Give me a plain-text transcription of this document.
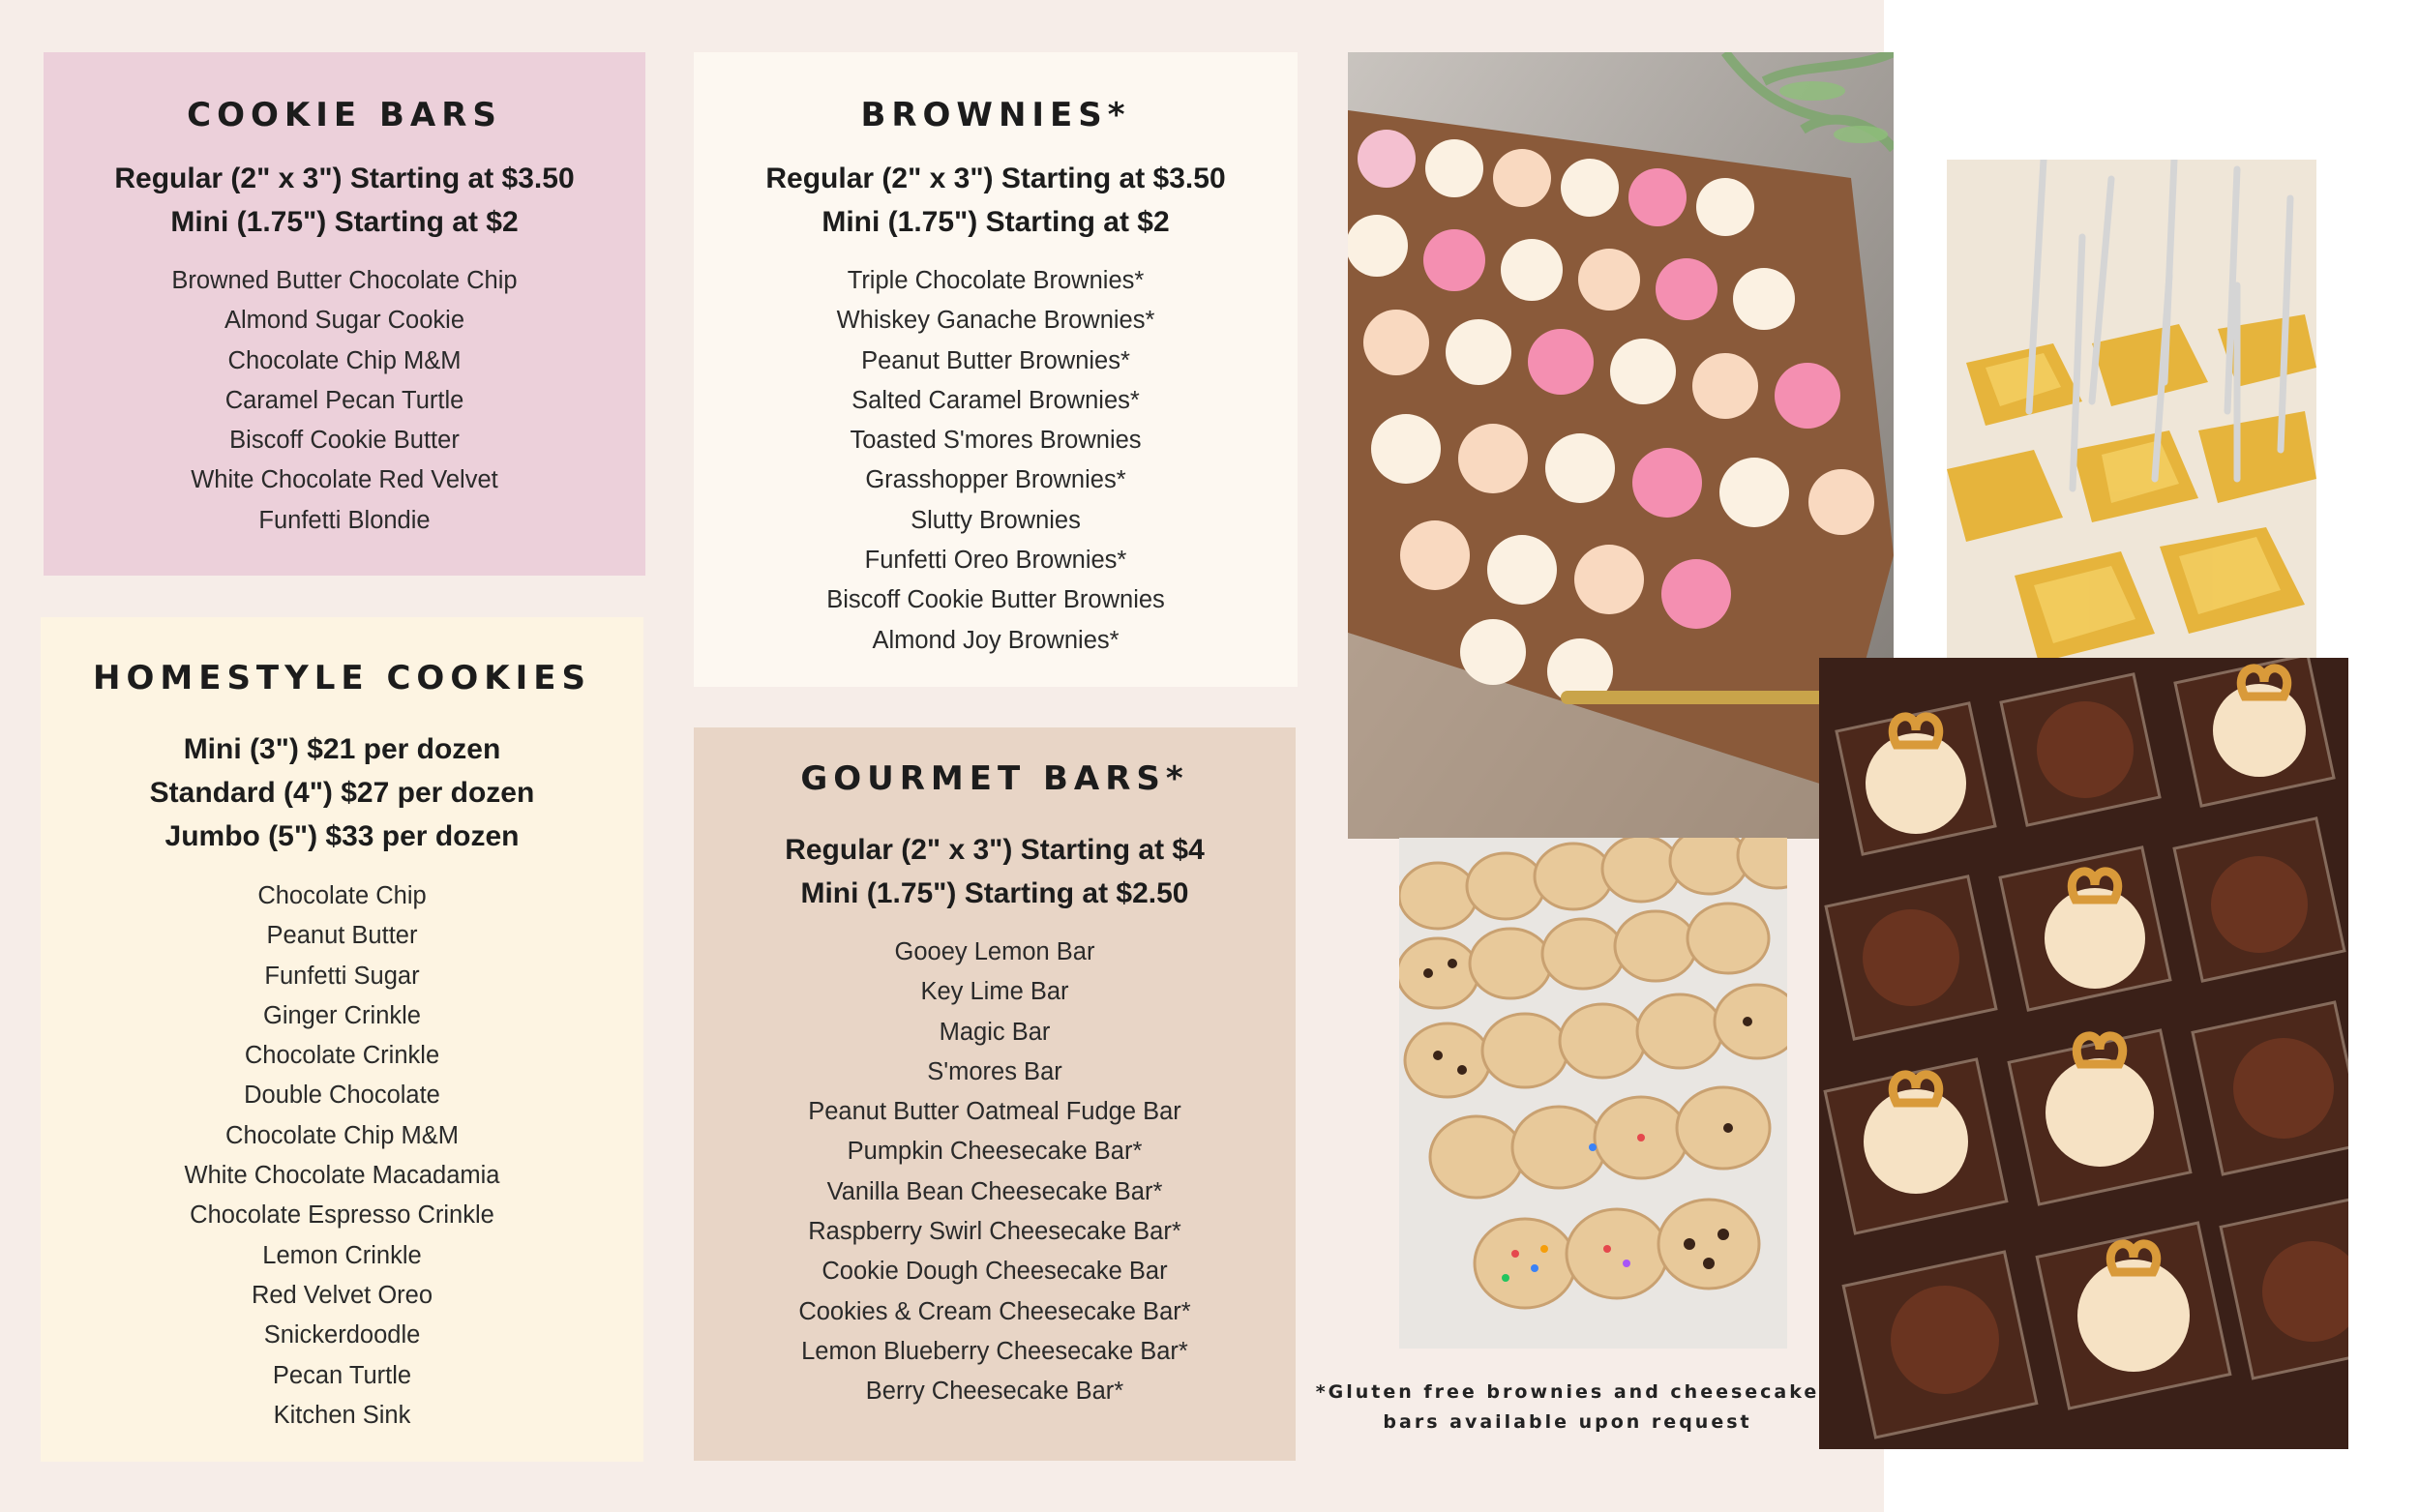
COOKIE BARS
Regular (2" x 3") Starting at $3.50
Mini (1.75") Starting at $2
Browned Butter Chocolate Chip
Almond Sugar Cookie
Chocolate Chip M&M
Caramel Pecan Turtle
Biscoff Cookie Butter
White Chocolate Red Velvet
Funfetti Blondie
BROWNIES*
Regular (2" x 3") Starting at $3.50
Mini (1.75") Starting at $2
Triple Chocolate Brownies*
Whiskey Ganache Brownies*
Peanut Butter Brownies*
Salted Caramel Brownies*
Toasted S'mores Brownies
Grasshopper Brownies*
Slutty Brownies
Funfetti Oreo Brownies*
Biscoff Cookie Butter Brownies
Almond Joy Brownies*
HOMESTYLE COOKIES
Mini (3") $21 per dozen
Standard (4") $27 per dozen
Jumbo (5") $33 per dozen
Chocolate Chip
Peanut Butter
Funfetti Sugar
Ginger Crinkle
Chocolate Crinkle
Double Chocolate
Chocolate Chip M&M
White Chocolate Macadamia
Chocolate Espresso Crinkle
Lemon Crinkle
Red Velvet Oreo
Snickerdoodle
Pecan Turtle
Kitchen Sink
GOURMET BARS*
Regular (2" x 3") Starting at $4
Mini (1.75") Starting at $2.50
Gooey Lemon Bar
Key Lime Bar
Magic Bar
S'mores Bar
Peanut Butter Oatmeal Fudge Bar
Pumpkin Cheesecake Bar*
Vanilla Bean Cheesecake Bar*
Raspberry Swirl Cheesecake Bar*
Cookie Dough Cheesecake Bar
Cookies & Cream Cheesecake Bar*
Lemon Blueberry Cheesecake Bar*
Berry Cheesecake Bar*	*Gluten free brownies and cheesecake
bars available upon request
